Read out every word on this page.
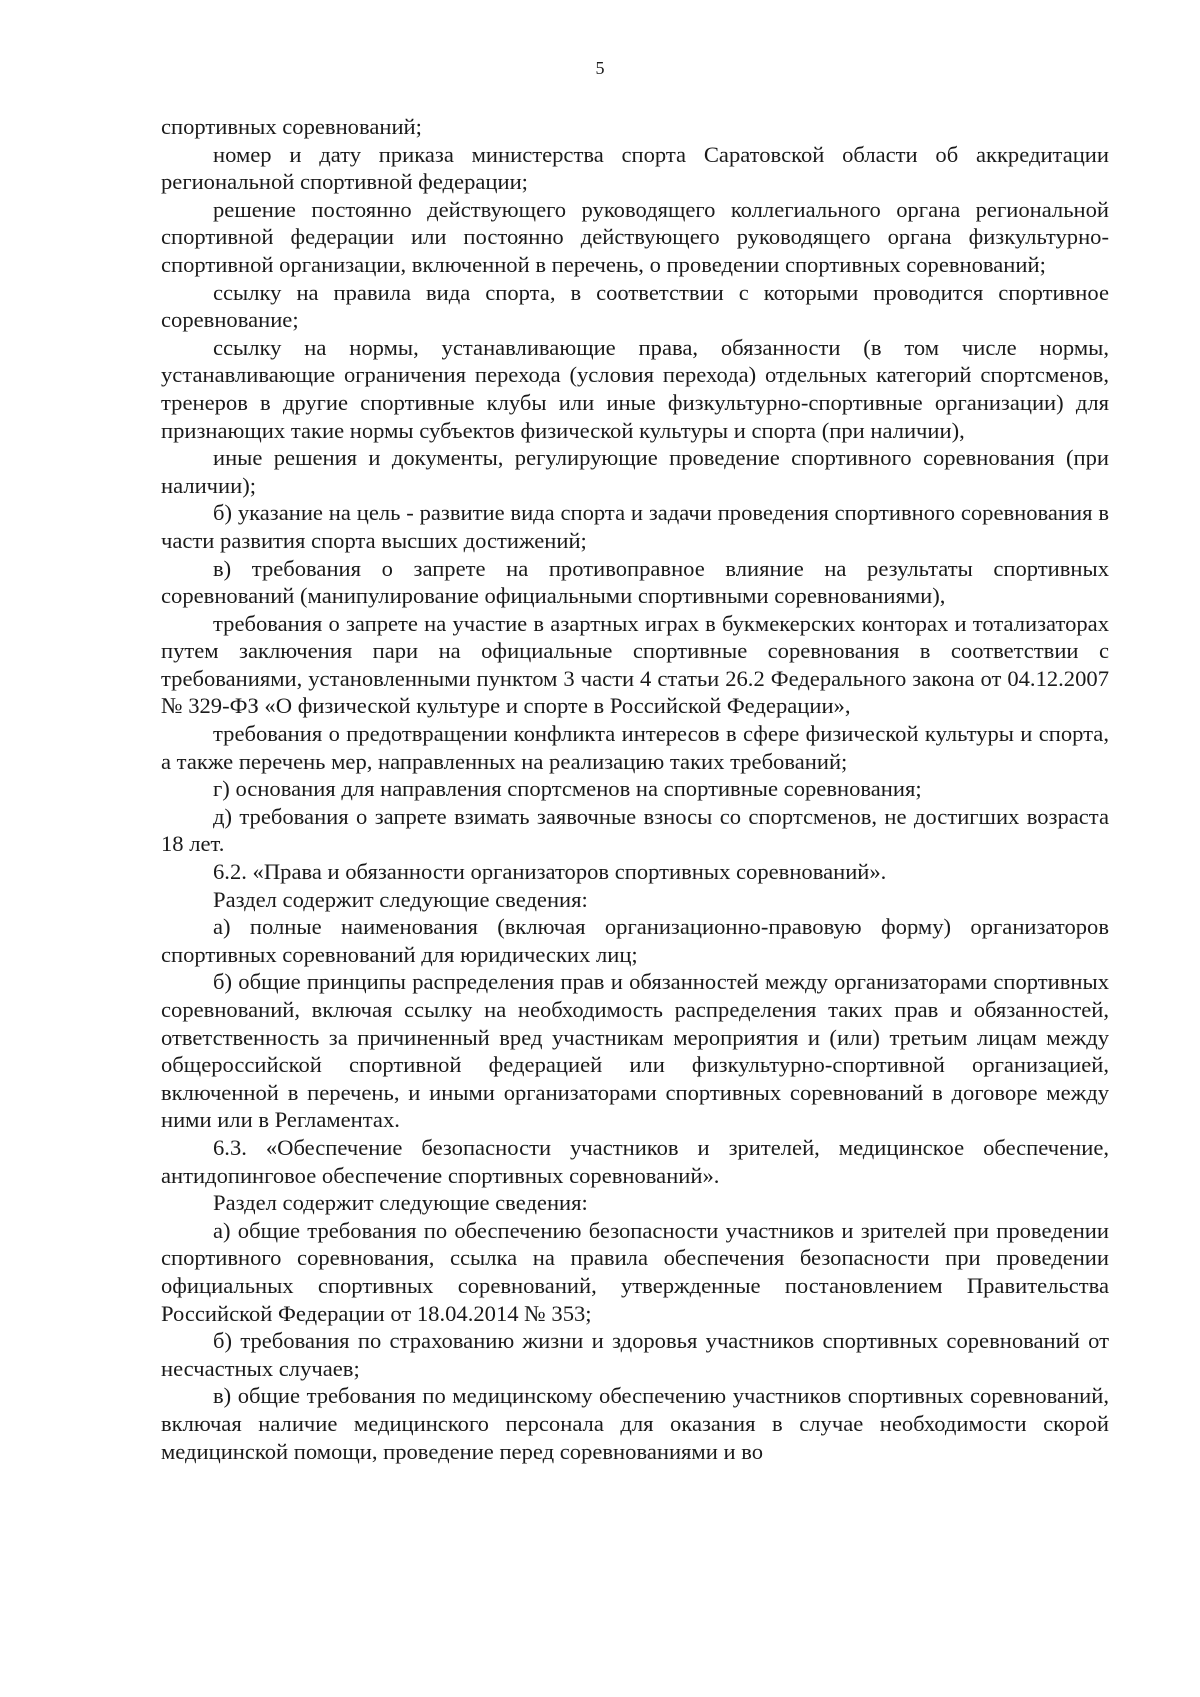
5

спортивных соревнований;

номер и дату приказа министерства спорта Саратовской области об аккредитации региональной спортивной федерации;

решение постоянно действующего руководящего коллегиального органа региональной спортивной федерации или постоянно действующего руководящего органа физкультурно-спортивной организации, включенной в перечень, о проведении спортивных соревнований;

ссылку на правила вида спорта, в соответствии с которыми проводится спортивное соревнование;

ссылку на нормы, устанавливающие права, обязанности (в том числе нормы, устанавливающие ограничения перехода (условия перехода) отдельных категорий спортсменов, тренеров в другие спортивные клубы или иные физкультурно-спортивные организации) для признающих такие нормы субъектов физической культуры и спорта (при наличии),

иные решения и документы, регулирующие проведение спортивного соревнования (при наличии);

б) указание на цель - развитие вида спорта и задачи проведения спортивного соревнования в части развития спорта высших достижений;

в) требования о запрете на противоправное влияние на результаты спортивных соревнований (манипулирование официальными спортивными соревнованиями),

требования о запрете на участие в азартных играх в букмекерских конторах и тотализаторах путем заключения пари на официальные спортивные соревнования в соответствии с требованиями, установленными пунктом 3 части 4 статьи 26.2 Федерального закона от 04.12.2007 № 329-ФЗ «О физической культуре и спорте в Российской Федерации»,

требования о предотвращении конфликта интересов в сфере физической культуры и спорта, а также перечень мер, направленных на реализацию таких требований;

г) основания для направления спортсменов на спортивные соревнования;

д) требования о запрете взимать заявочные взносы со спортсменов, не достигших возраста 18 лет.

6.2. «Права и обязанности организаторов спортивных соревнований».

Раздел содержит следующие сведения:

а) полные наименования (включая организационно-правовую форму) организаторов спортивных соревнований для юридических лиц;

б) общие принципы распределения прав и обязанностей между организаторами спортивных соревнований, включая ссылку на необходимость распределения таких прав и обязанностей, ответственность за причиненный вред участникам мероприятия и (или) третьим лицам между общероссийской спортивной федерацией или физкультурно-спортивной организацией, включенной в перечень, и иными организаторами спортивных соревнований в договоре между ними или в Регламентах.

6.3. «Обеспечение безопасности участников и зрителей, медицинское обеспечение, антидопинговое обеспечение спортивных соревнований».

Раздел содержит следующие сведения:

а) общие требования по обеспечению безопасности участников и зрителей при проведении спортивного соревнования, ссылка на правила обеспечения безопасности при проведении официальных спортивных соревнований, утвержденные постановлением Правительства Российской Федерации от 18.04.2014 № 353;

б) требования по страхованию жизни и здоровья участников спортивных соревнований от несчастных случаев;

в) общие требования по медицинскому обеспечению участников спортивных соревнований, включая наличие медицинского персонала для оказания в случае необходимости скорой медицинской помощи, проведение перед соревнованиями и во
